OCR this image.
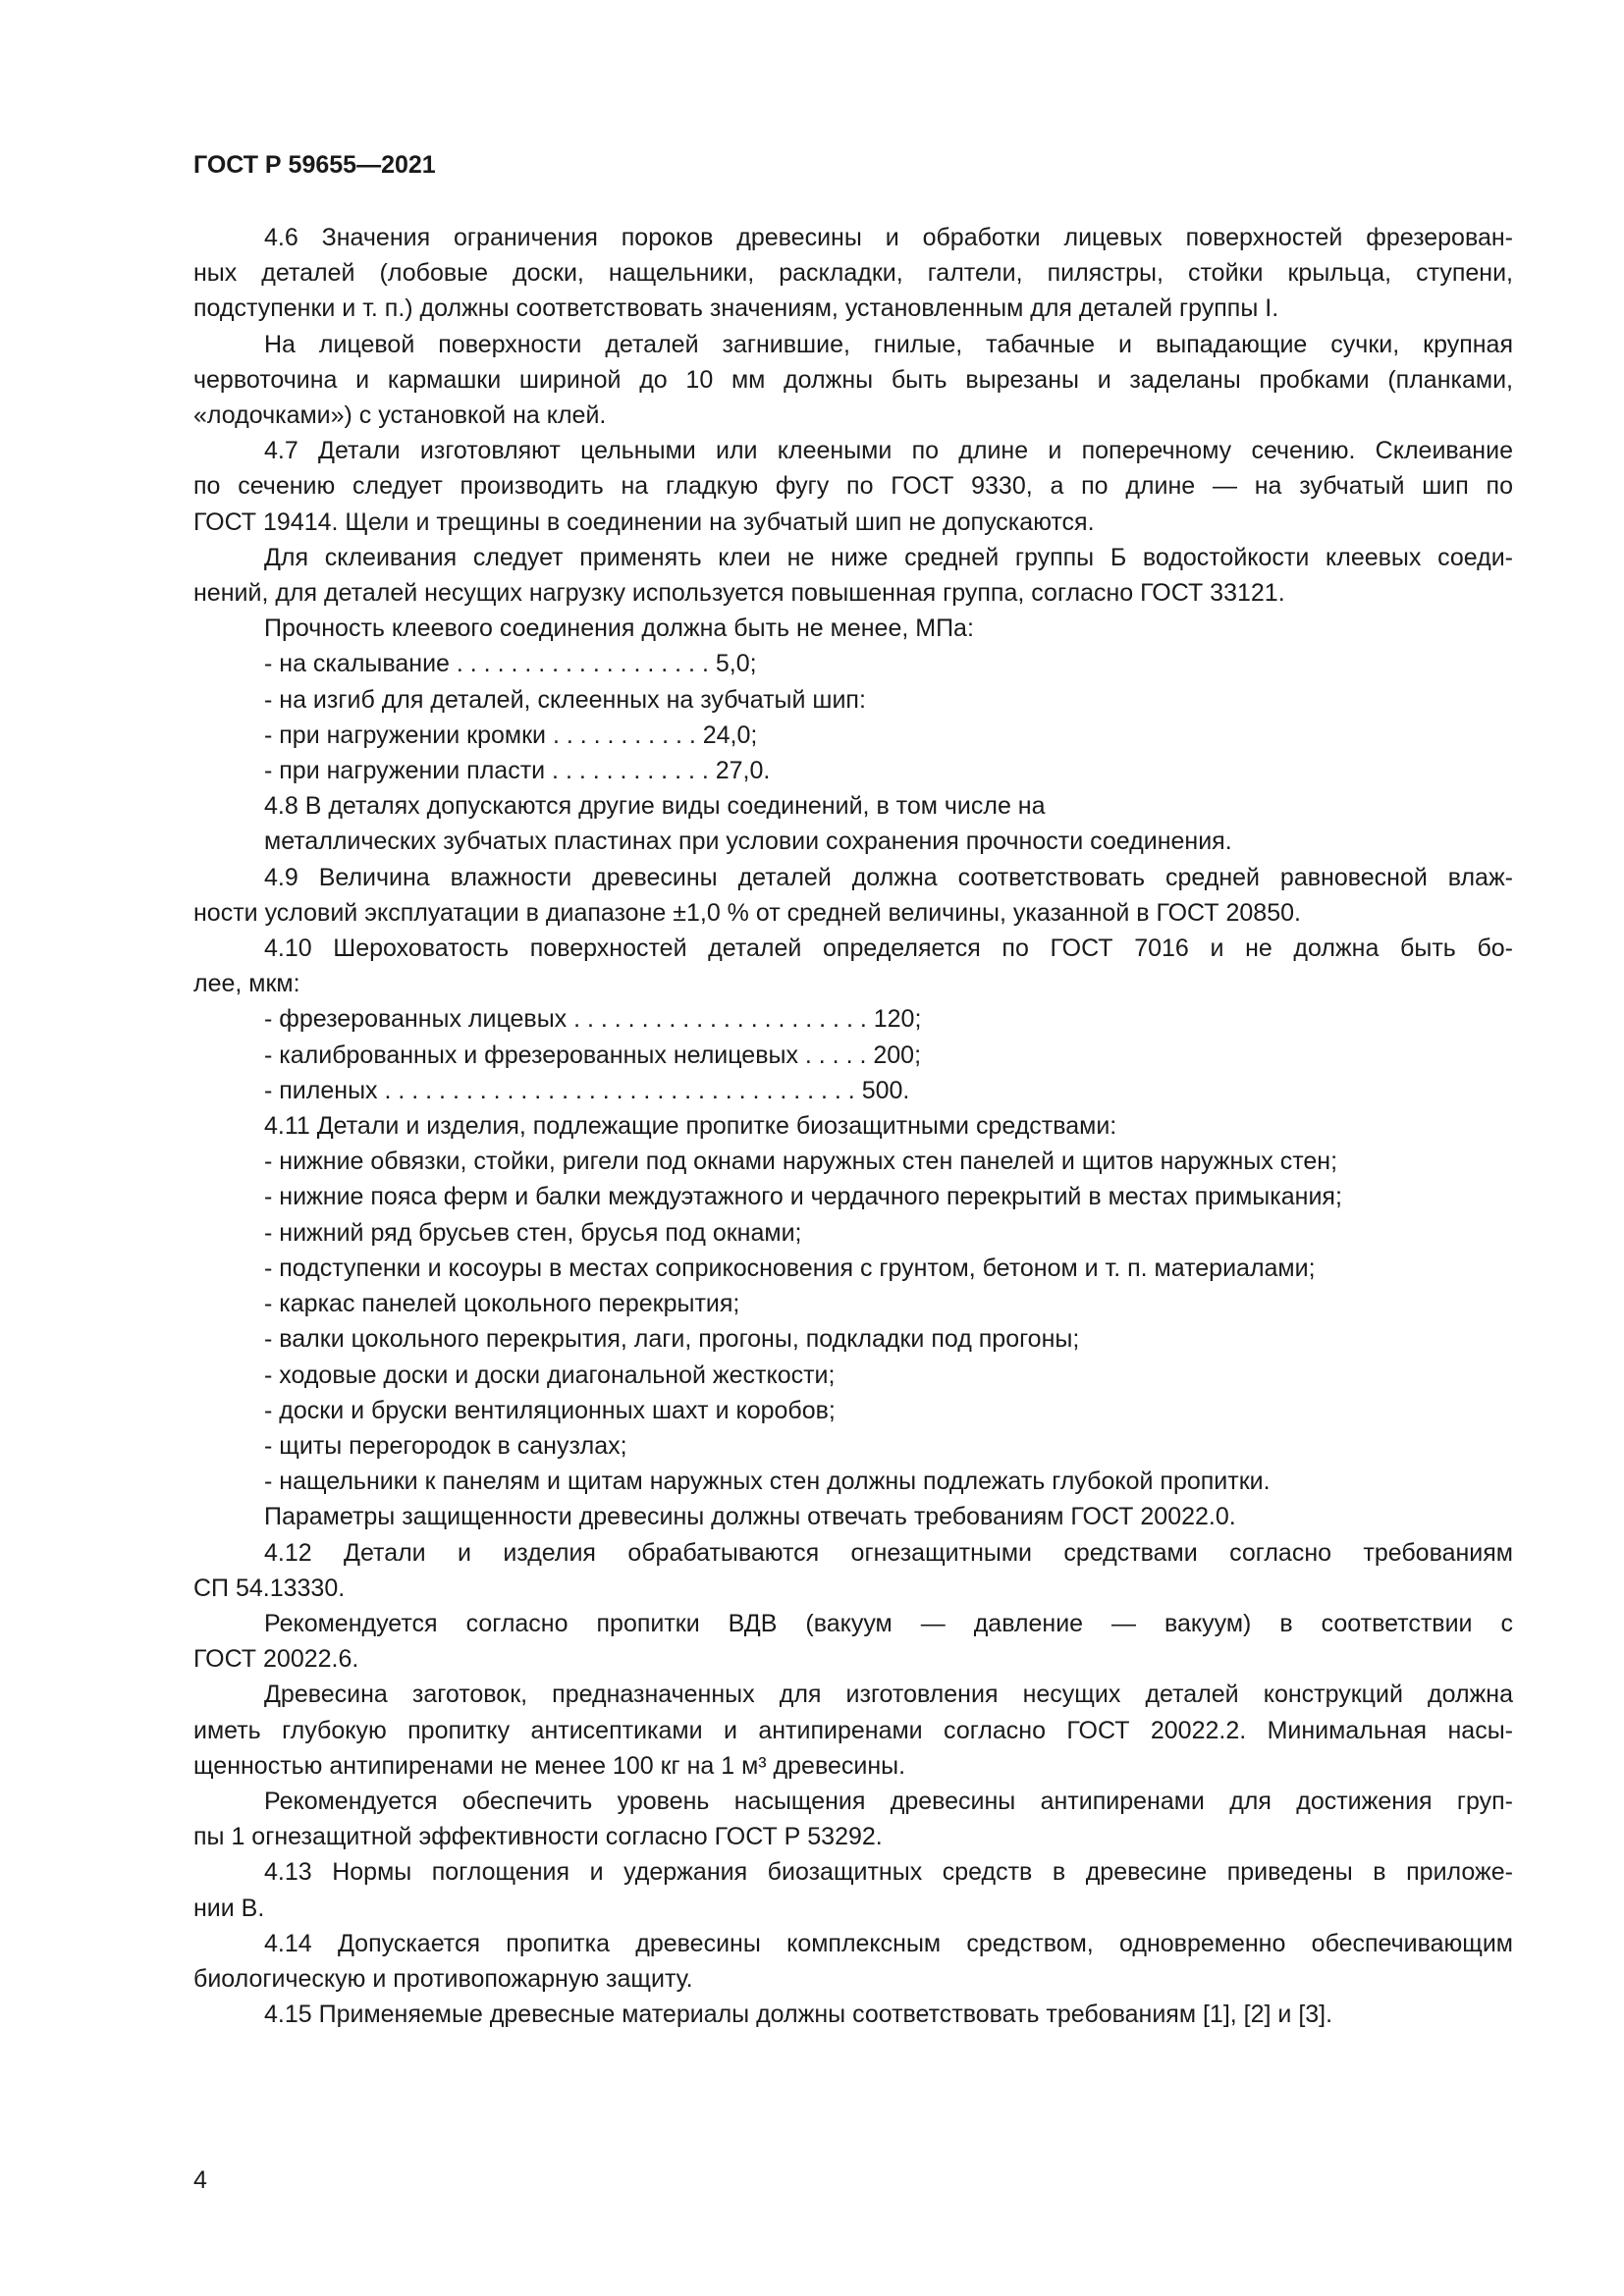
ГОСТ Р 59655—2021
4.6 Значения ограничения пороков древесины и обработки лицевых поверхностей фрезерован-
ных деталей (лобовые доски, нащельники, раскладки, галтели, пилястры, стойки крыльца, ступени,
подступенки и т. п.) должны соответствовать значениям, установленным для деталей группы I.
На лицевой поверхности деталей загнившие, гнилые, табачные и выпадающие сучки, крупная
червоточина и кармашки шириной до 10 мм должны быть вырезаны и заделаны пробками (планками,
«лодочками») с установкой на клей.
4.7 Детали изготовляют цельными или клееными по длине и поперечному сечению. Склеивание
по сечению следует производить на гладкую фугу по ГОСТ 9330, а по длине — на зубчатый шип по
ГОСТ 19414. Щели и трещины в соединении на зубчатый шип не допускаются.
Для склеивания следует применять клеи не ниже средней группы Б водостойкости клеевых соеди-
нений, для деталей несущих нагрузку используется повышенная группа, согласно ГОСТ 33121.
Прочность клеевого соединения должна быть не менее, МПа:
- на скалывание . . . . . . . . . . . . . . . . . . . 5,0;
- на изгиб для деталей, склеенных на зубчатый шип:
- при нагружении кромки . . . . . . . . . . . 24,0;
- при нагружении пласти . . . . . . . . . . . . 27,0.
4.8 В деталях допускаются другие виды соединений, в том числе на
металлических зубчатых пластинах при условии сохранения прочности соединения.
4.9 Величина влажности древесины деталей должна соответствовать средней равновесной влаж-
ности условий эксплуатации в диапазоне ±1,0 % от средней величины, указанной в ГОСТ 20850.
4.10 Шероховатость поверхностей деталей определяется по ГОСТ 7016 и не должна быть бо-
лее, мкм:
- фрезерованных лицевых . . . . . . . . . . . . . . . . . . . . . . 120;
- калиброванных и фрезерованных нелицевых . . . . . 200;
- пиленых . . . . . . . . . . . . . . . . . . . . . . . . . . . . . . . . . . . 500.
4.11 Детали и изделия, подлежащие пропитке биозащитными средствами:
- нижние обвязки, стойки, ригели под окнами наружных стен панелей и щитов наружных стен;
- нижние пояса ферм и балки междуэтажного и чердачного перекрытий в местах примыкания;
- нижний ряд брусьев стен, брусья под окнами;
- подступенки и косоуры в местах соприкосновения с грунтом, бетоном и т. п. материалами;
- каркас панелей цокольного перекрытия;
- валки цокольного перекрытия, лаги, прогоны, подкладки под прогоны;
- ходовые доски и доски диагональной жесткости;
- доски и бруски вентиляционных шахт и коробов;
- щиты перегородок в санузлах;
- нащельники к панелям и щитам наружных стен должны подлежать глубокой пропитки.
Параметры защищенности древесины должны отвечать требованиям ГОСТ 20022.0.
4.12 Детали и изделия обрабатываются огнезащитными средствами согласно требованиям
СП 54.13330.
Рекомендуется согласно пропитки ВДВ (вакуум — давление — вакуум) в соответствии с
ГОСТ 20022.6.
Древесина заготовок, предназначенных для изготовления несущих деталей конструкций должна
иметь глубокую пропитку антисептиками и антипиренами согласно ГОСТ 20022.2. Минимальная насы-
щенностью антипиренами не менее 100 кг на 1 м³ древесины.
Рекомендуется обеспечить уровень насыщения древесины антипиренами для достижения груп-
пы 1 огнезащитной эффективности согласно ГОСТ Р 53292.
4.13 Нормы поглощения и удержания биозащитных средств в древесине приведены в приложе-
нии В.
4.14 Допускается пропитка древесины комплексным средством, одновременно обеспечивающим
биологическую и противопожарную защиту.
4.15 Применяемые древесные материалы должны соответствовать требованиям [1], [2] и [3].
4
